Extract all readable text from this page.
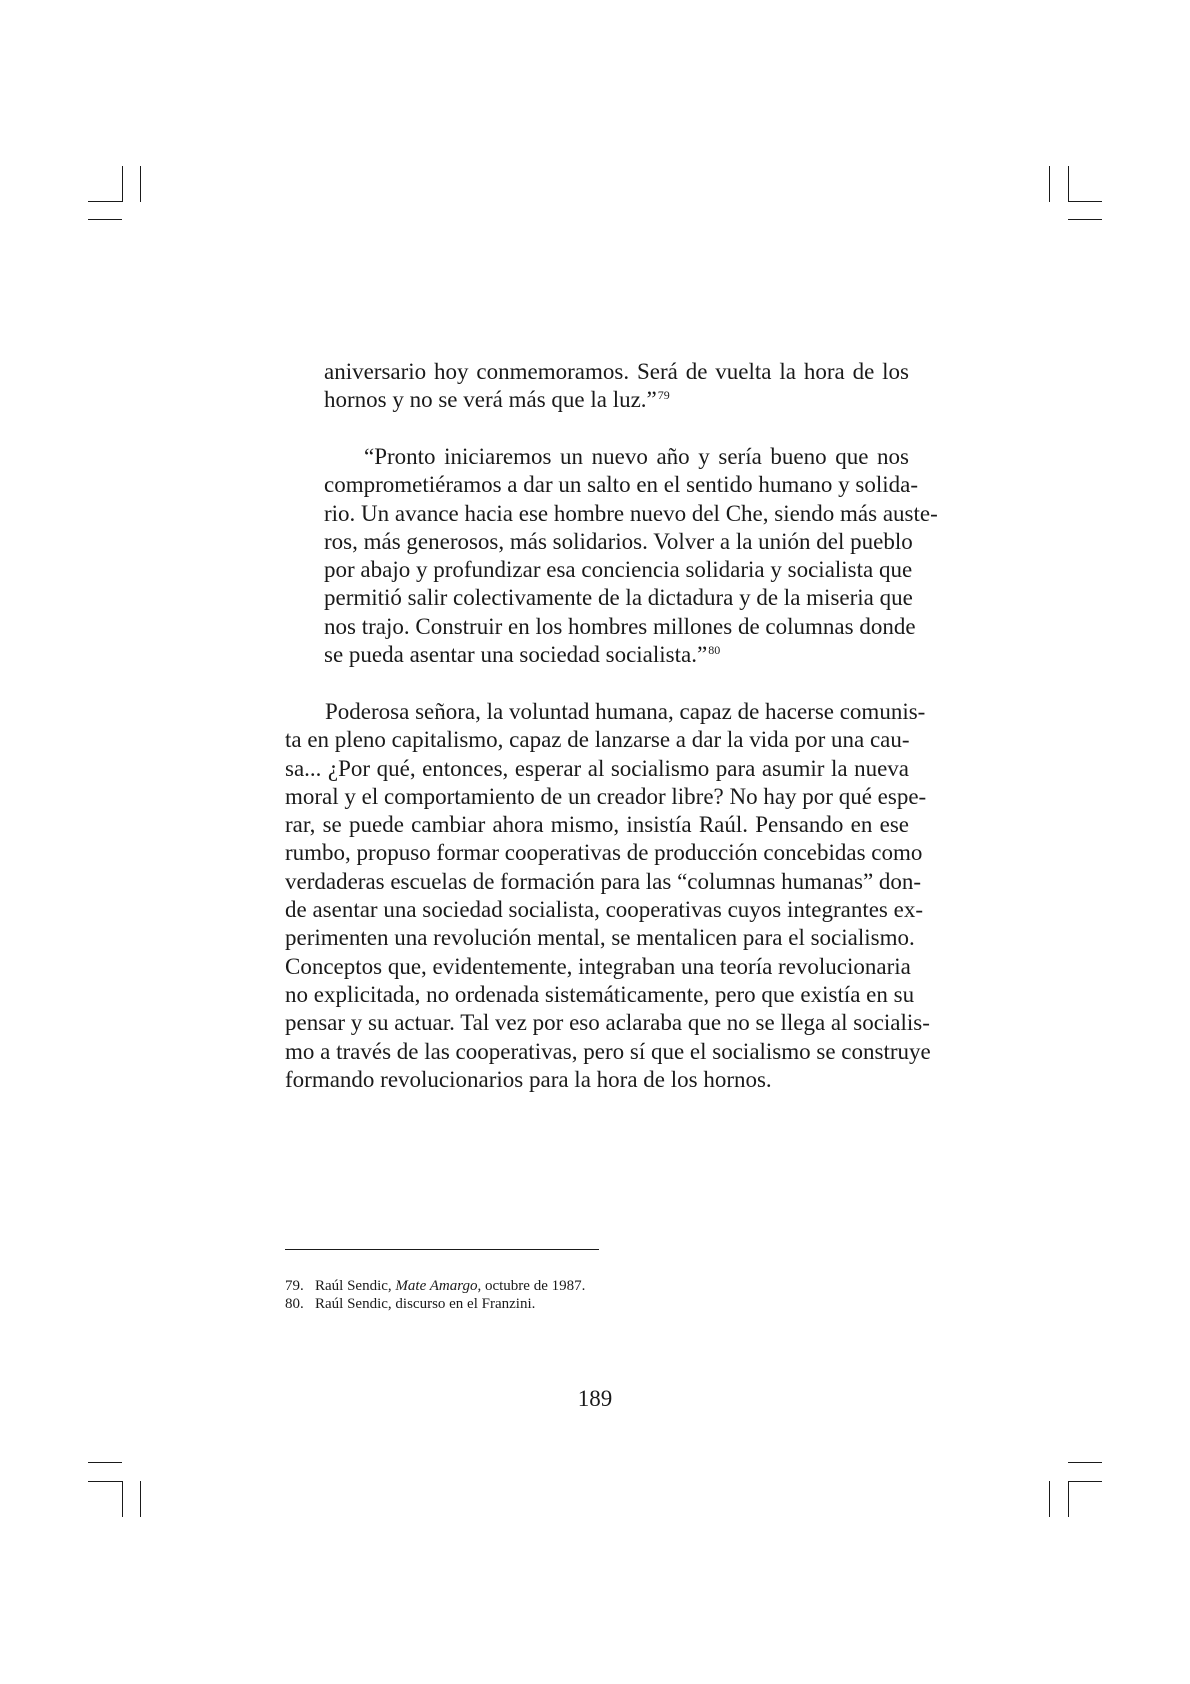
aniversario hoy conmemoramos. Será de vuelta la hora de los
hornos y no se verá más que la luz.”$^{79}$
“Pronto iniciaremos un nuevo año y sería bueno que nos
comprometiéramos a dar un salto en el sentido humano y solida-
rio. Un avance hacia ese hombre nuevo del Che, siendo más auste-
ros, más generosos, más solidarios. Volver a la unión del pueblo
por abajo y profundizar esa conciencia solidaria y socialista que
permitió salir colectivamente de la dictadura y de la miseria que
nos trajo. Construir en los hombres millones de columnas donde
se pueda asentar una sociedad socialista.”$^{80}$
Poderosa señora, la voluntad humana, capaz de hacerse comunis-
ta en pleno capitalismo, capaz de lanzarse a dar la vida por una cau-
sa... ¿Por qué, entonces, esperar al socialismo para asumir la nueva
moral y el comportamiento de un creador libre? No hay por qué espe-
rar, se puede cambiar ahora mismo, insistía Raúl. Pensando en ese
rumbo, propuso formar cooperativas de producción concebidas como
verdaderas escuelas de formación para las “columnas humanas” don-
de asentar una sociedad socialista, cooperativas cuyos integrantes ex-
perimenten una revolución mental, se mentalicen para el socialismo.
Conceptos que, evidentemente, integraban una teoría revolucionaria
no explicitada, no ordenada sistemáticamente, pero que existía en su
pensar y su actuar. Tal vez por eso aclaraba que no se llega al socialis-
mo a través de las cooperativas, pero sí que el socialismo se construye
formando revolucionarios para la hora de los hornos.
79. Raúl Sendic, Mate Amargo, octubre de 1987.
80. Raúl Sendic, discurso en el Franzini.
189
